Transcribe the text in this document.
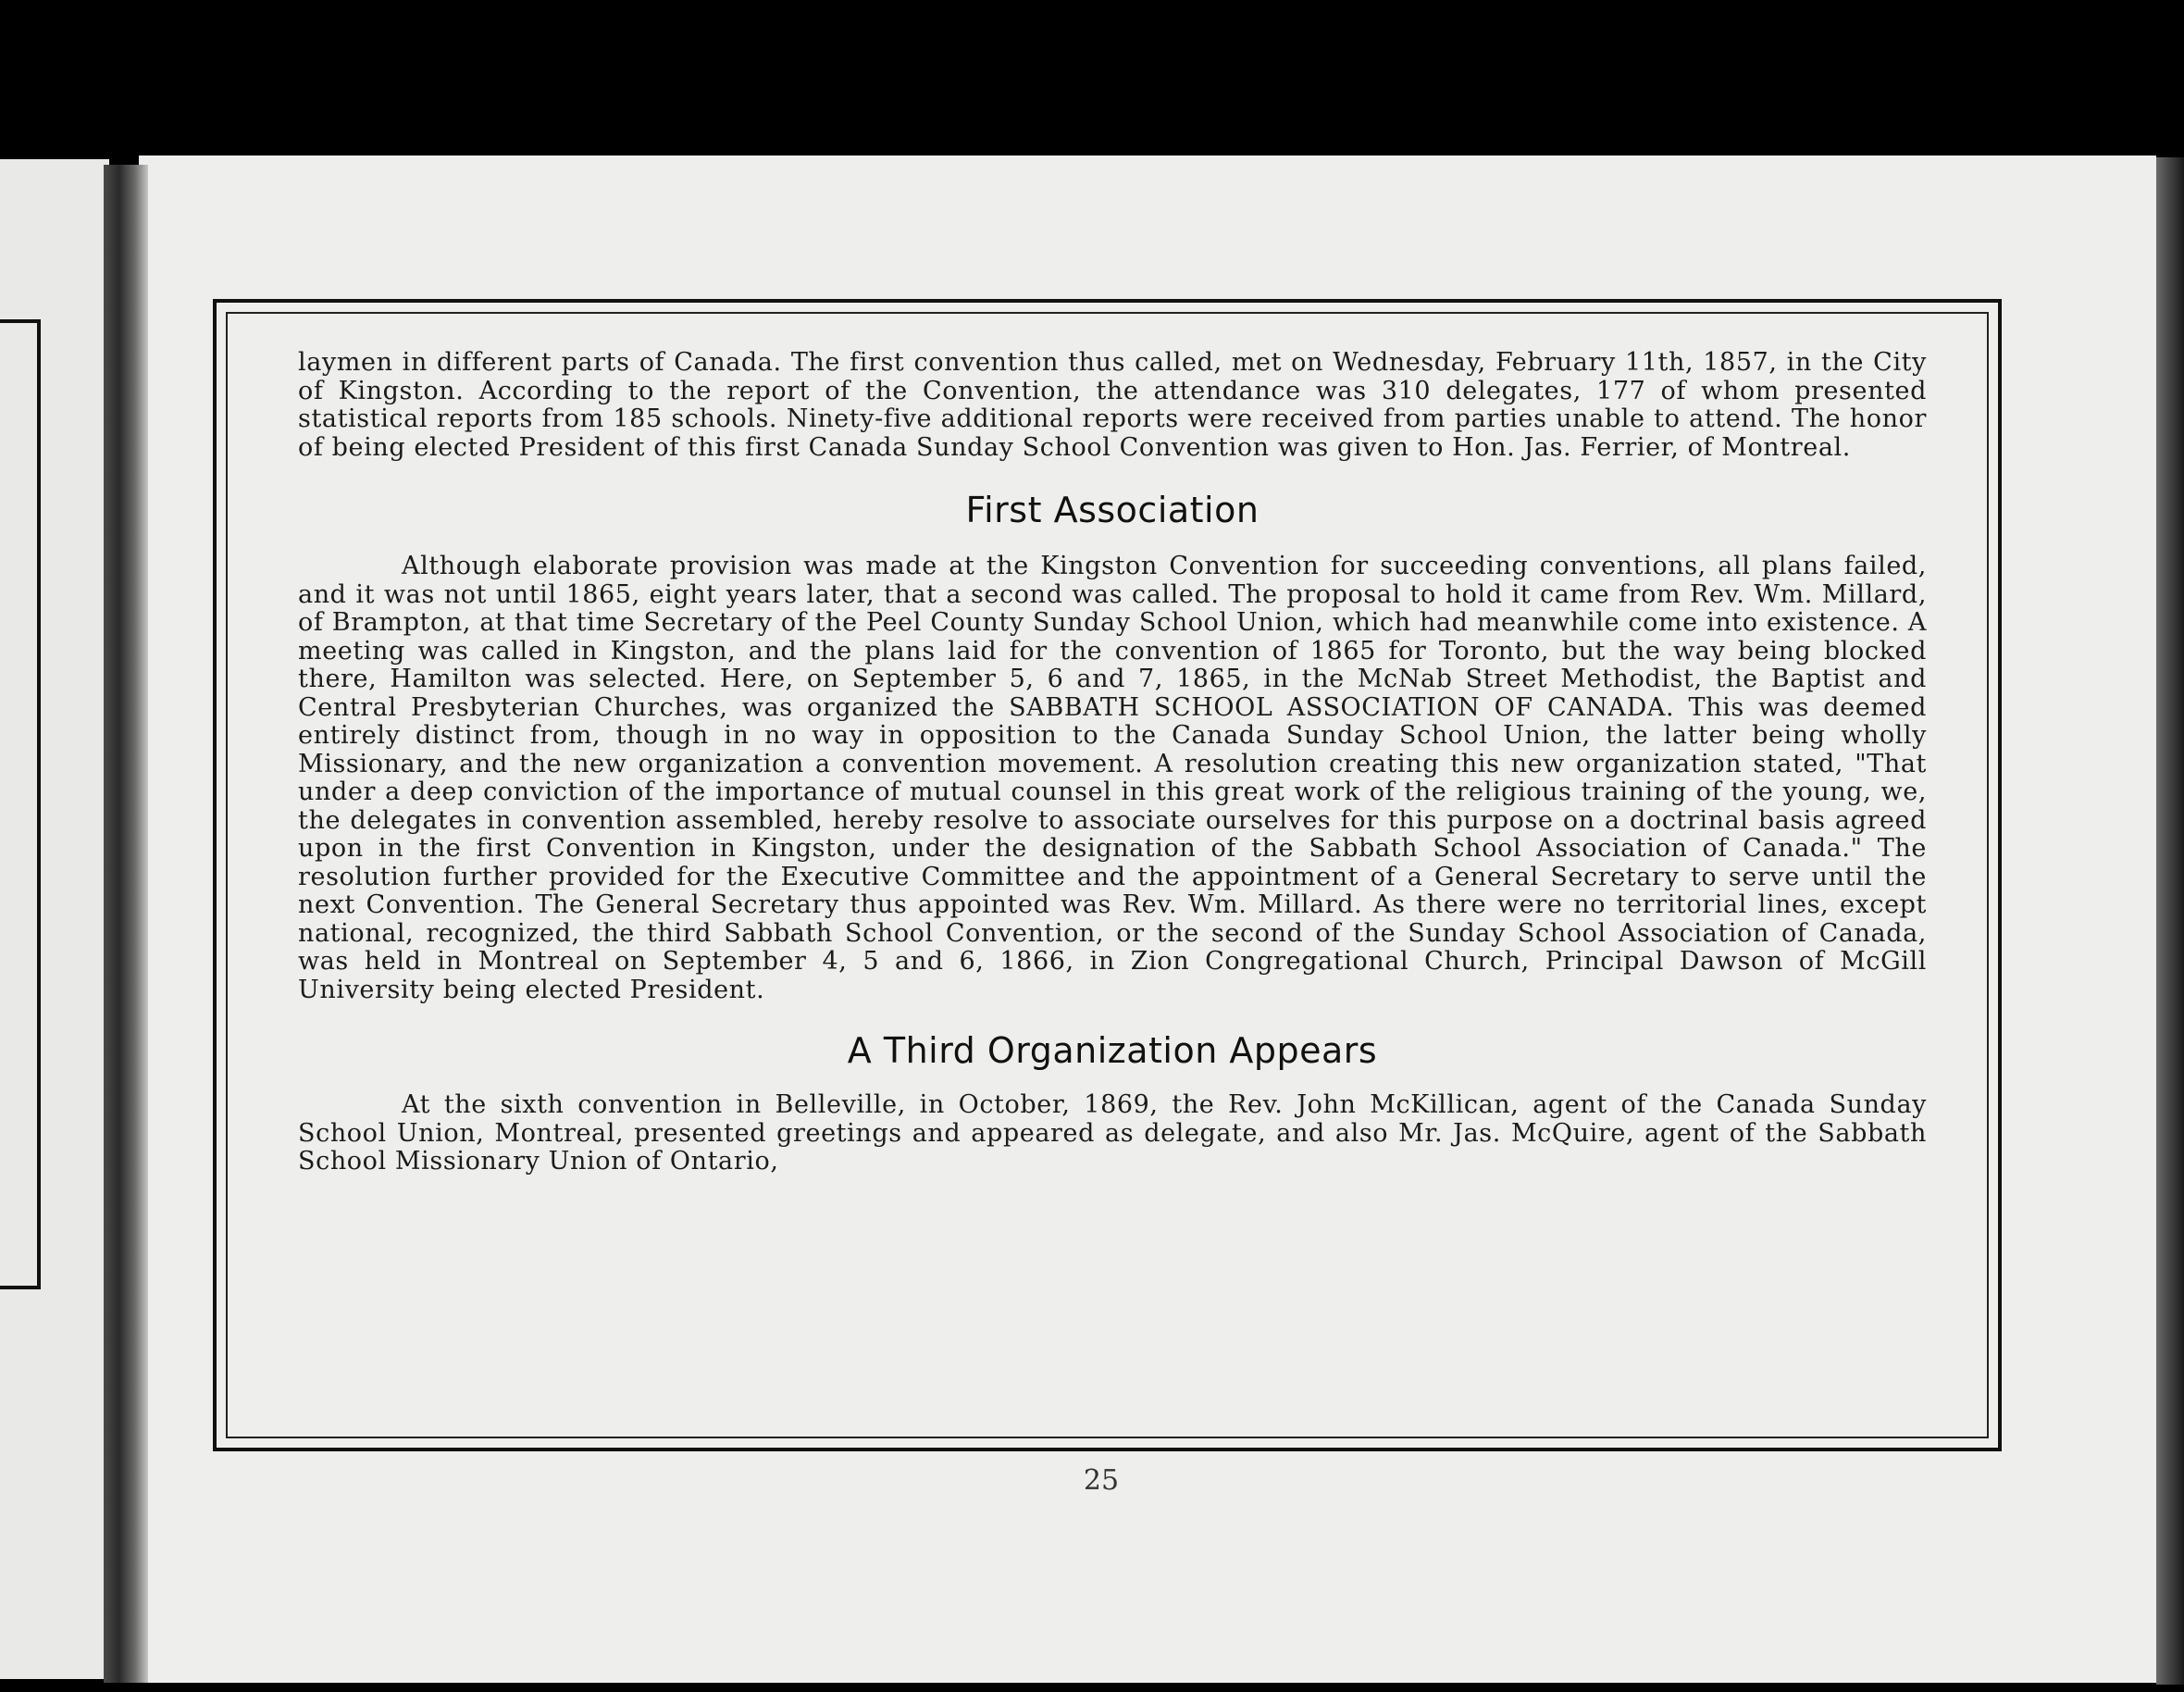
laymen in different parts of Canada. The first convention thus called, met on Wednesday, February 11th, 1857, in the City of Kingston. According to the report of the Convention, the attendance was 310 delegates, 177 of whom presented statistical reports from 185 schools. Ninety-five additional reports were received from parties unable to attend. The honor of being elected President of this first Canada Sunday School Convention was given to Hon. Jas. Ferrier, of Montreal.

First Association

Although elaborate provision was made at the Kingston Convention for succeeding conventions, all plans failed, and it was not until 1865, eight years later, that a second was called. The proposal to hold it came from Rev. Wm. Millard, of Brampton, at that time Secretary of the Peel County Sunday School Union, which had meanwhile come into existence. A meeting was called in Kingston, and the plans laid for the convention of 1865 for Toronto, but the way being blocked there, Hamilton was selected. Here, on September 5, 6 and 7, 1865, in the McNab Street Methodist, the Baptist and Central Presbyterian Churches, was organized the SABBATH SCHOOL ASSOCIATION OF CANADA. This was deemed entirely distinct from, though in no way in opposition to the Canada Sunday School Union, the latter being wholly Missionary, and the new organization a convention movement. A resolution creating this new organization stated, "That under a deep conviction of the importance of mutual counsel in this great work of the religious training of the young, we, the delegates in convention assembled, hereby resolve to associate ourselves for this purpose on a doctrinal basis agreed upon in the first Convention in Kingston, under the designation of the Sabbath School Association of Canada." The resolution further provided for the Executive Committee and the appointment of a General Secretary to serve until the next Convention. The General Secretary thus appointed was Rev. Wm. Millard. As there were no territorial lines, except national, recognized, the third Sabbath School Convention, or the second of the Sunday School Association of Canada, was held in Montreal on September 4, 5 and 6, 1866, in Zion Congregational Church, Principal Dawson of McGill University being elected President.

A Third Organization Appears

At the sixth convention in Belleville, in October, 1869, the Rev. John McKillican, agent of the Canada Sunday School Union, Montreal, presented greetings and appeared as delegate, and also Mr. Jas. McQuire, agent of the Sabbath School Missionary Union of Ontario,

25
